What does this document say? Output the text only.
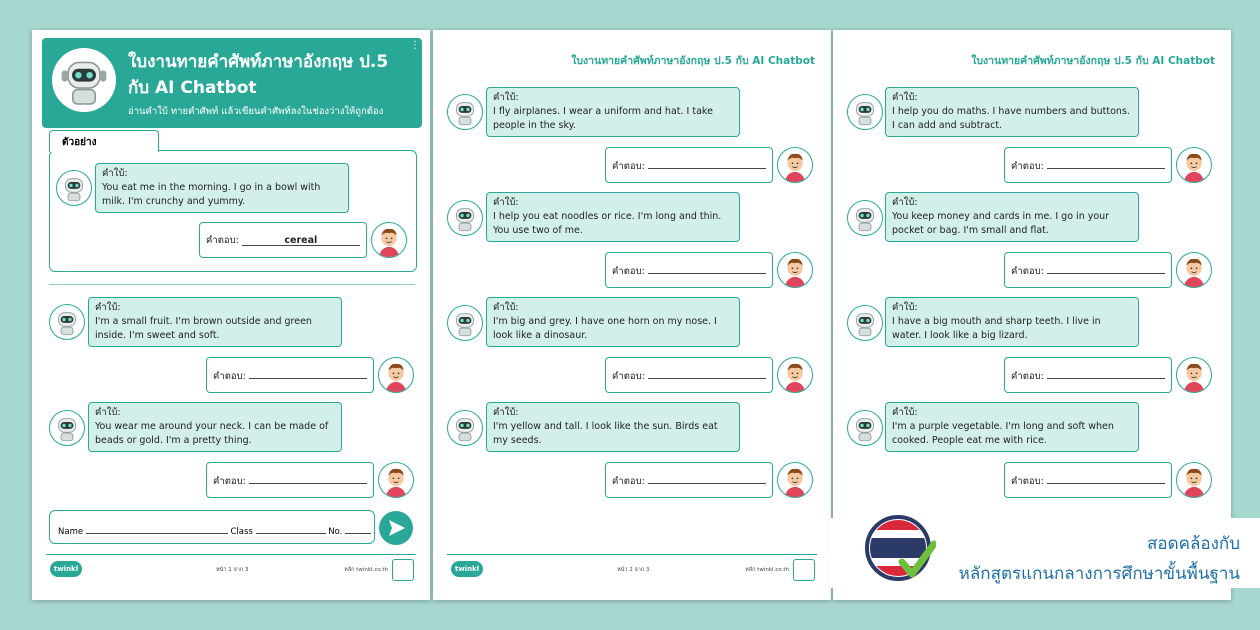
ใบงานทายคำศัพท์ภาษาอังกฤษ ป.5
กับ AI Chatbot
อ่านคำใบ้ ทายคำศัพท์ แล้วเขียนคำศัพท์ลงในช่องว่างให้ถูกต้อง
⋮
ตัวอย่าง
คำใบ้:
You eat me in the morning. I go in a bowl with milk. I'm crunchy and yummy.
คำตอบ:	cereal
คำใบ้:
I'm a small fruit. I'm brown outside and green inside. I'm sweet and soft.
คำตอบ:
คำใบ้:
You wear me around your neck. I can be made of beads or gold. I'm a pretty thing.
คำตอบ:
Name	Class	No.
twinkl	หน้า 1 จาก 3	หลัก twinkl.co.th
ใบงานทายคำศัพท์ภาษาอังกฤษ ป.5 กับ AI Chatbot
คำใบ้:
I fly airplanes. I wear a uniform and hat. I take people in the sky.
คำตอบ:
คำใบ้:
I help you eat noodles or rice. I'm long and thin. You use two of me.
คำตอบ:
คำใบ้:
I'm big and grey. I have one horn on my nose. I look like a dinosaur.
คำตอบ:
คำใบ้:
I'm yellow and tall. I look like the sun. Birds eat my seeds.
คำตอบ:
twinkl	หน้า 2 จาก 3	หลัก twinkl.co.th
ใบงานทายคำศัพท์ภาษาอังกฤษ ป.5 กับ AI Chatbot
คำใบ้:
I help you do maths. I have numbers and buttons. I can add and subtract.
คำตอบ:
คำใบ้:
You keep money and cards in me. I go in your pocket or bag. I'm small and flat.
คำตอบ:
คำใบ้:
I have a big mouth and sharp teeth. I live in water. I look like a big lizard.
คำตอบ:
คำใบ้:
I'm a purple vegetable. I'm long and soft when cooked. People eat me with rice.
คำตอบ:
สอดคล้องกับ
หลักสูตรแกนกลางการศึกษาขั้นพื้นฐาน
